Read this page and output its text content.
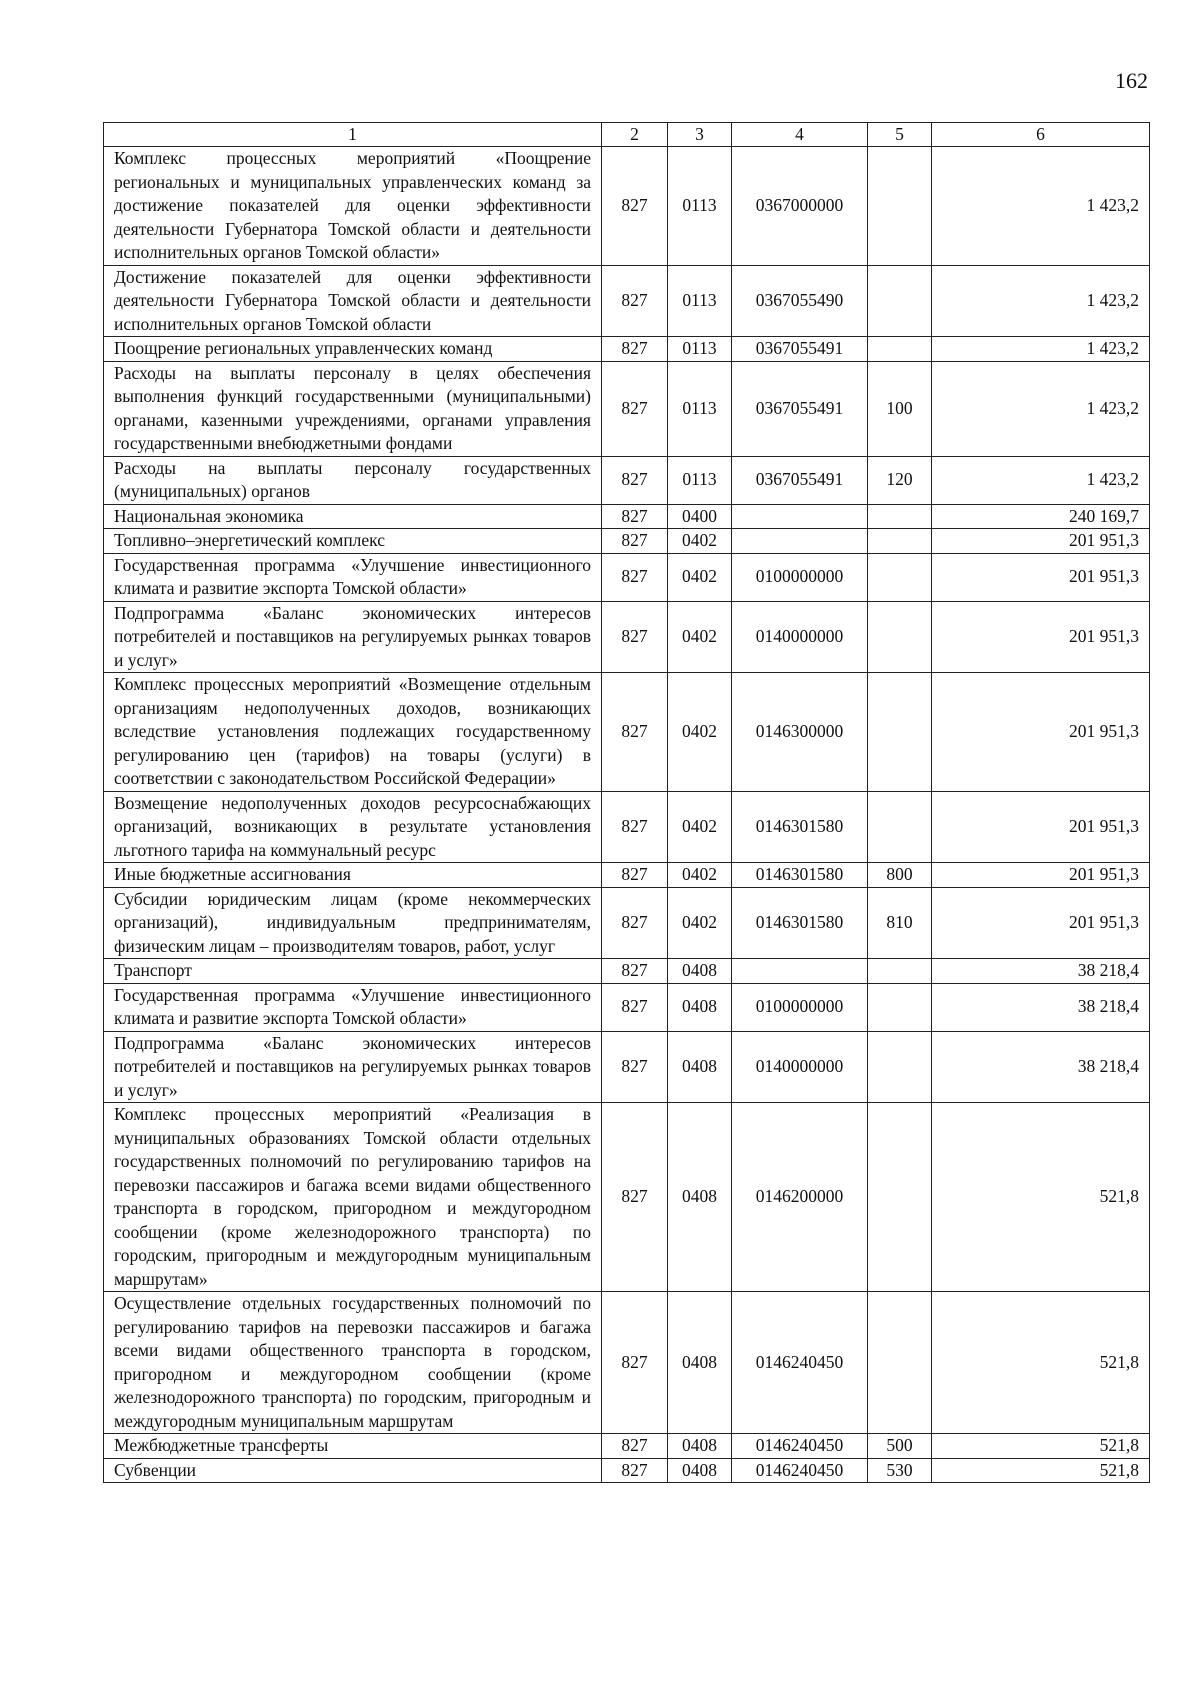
162
1	2	3	4	5	6
Комплекс процессных мероприятий «Поощрение региональных и муниципальных управленческих команд за достижение показателей для оценки эффективности деятельности Губернатора Томской области и деятельности исполнительных органов Томской области»	827	0113	0367000000		1 423,2
Достижение показателей для оценки эффективности деятельности Губернатора Томской области и деятельности исполнительных органов Томской области	827	0113	0367055490		1 423,2
Поощрение региональных управленческих команд	827	0113	0367055491		1 423,2
Расходы на выплаты персоналу в целях обеспечения выполнения функций государственными (муниципальными) органами, казенными учреждениями, органами управления государственными внебюджетными фондами	827	0113	0367055491	100	1 423,2
Расходы на выплаты персоналу государственных (муниципальных) органов	827	0113	0367055491	120	1 423,2
Национальная экономика	827	0400			240 169,7
Топливно–энергетический комплекс	827	0402			201 951,3
Государственная программа «Улучшение инвестиционного климата и развитие экспорта Томской области»	827	0402	0100000000		201 951,3
Подпрограмма «Баланс экономических интересов потребителей и поставщиков на регулируемых рынках товаров и услуг»	827	0402	0140000000		201 951,3
Комплекс процессных мероприятий «Возмещение отдельным организациям недополученных доходов, возникающих вследствие установления подлежащих государственному регулированию цен (тарифов) на товары (услуги) в соответствии с законодательством Российской Федерации»	827	0402	0146300000		201 951,3
Возмещение недополученных доходов ресурсоснабжающих организаций, возникающих в результате установления льготного тарифа на коммунальный ресурс	827	0402	0146301580		201 951,3
Иные бюджетные ассигнования	827	0402	0146301580	800	201 951,3
Субсидии юридическим лицам (кроме некоммерческих организаций), индивидуальным предпринимателям, физическим лицам – производителям товаров, работ, услуг	827	0402	0146301580	810	201 951,3
Транспорт	827	0408			38 218,4
Государственная программа «Улучшение инвестиционного климата и развитие экспорта Томской области»	827	0408	0100000000		38 218,4
Подпрограмма «Баланс экономических интересов потребителей и поставщиков на регулируемых рынках товаров и услуг»	827	0408	0140000000		38 218,4
Комплекс процессных мероприятий «Реализация в муниципальных образованиях Томской области отдельных государственных полномочий по регулированию тарифов на перевозки пассажиров и багажа всеми видами общественного транспорта в городском, пригородном и междугородном сообщении (кроме железнодорожного транспорта) по городским, пригородным и междугородным муниципальным маршрутам»	827	0408	0146200000		521,8
Осуществление отдельных государственных полномочий по регулированию тарифов на перевозки пассажиров и багажа всеми видами общественного транспорта в городском, пригородном и междугородном сообщении (кроме железнодорожного транспорта) по городским, пригородным и междугородным муниципальным маршрутам	827	0408	0146240450		521,8
Межбюджетные трансферты	827	0408	0146240450	500	521,8
Субвенции	827	0408	0146240450	530	521,8
